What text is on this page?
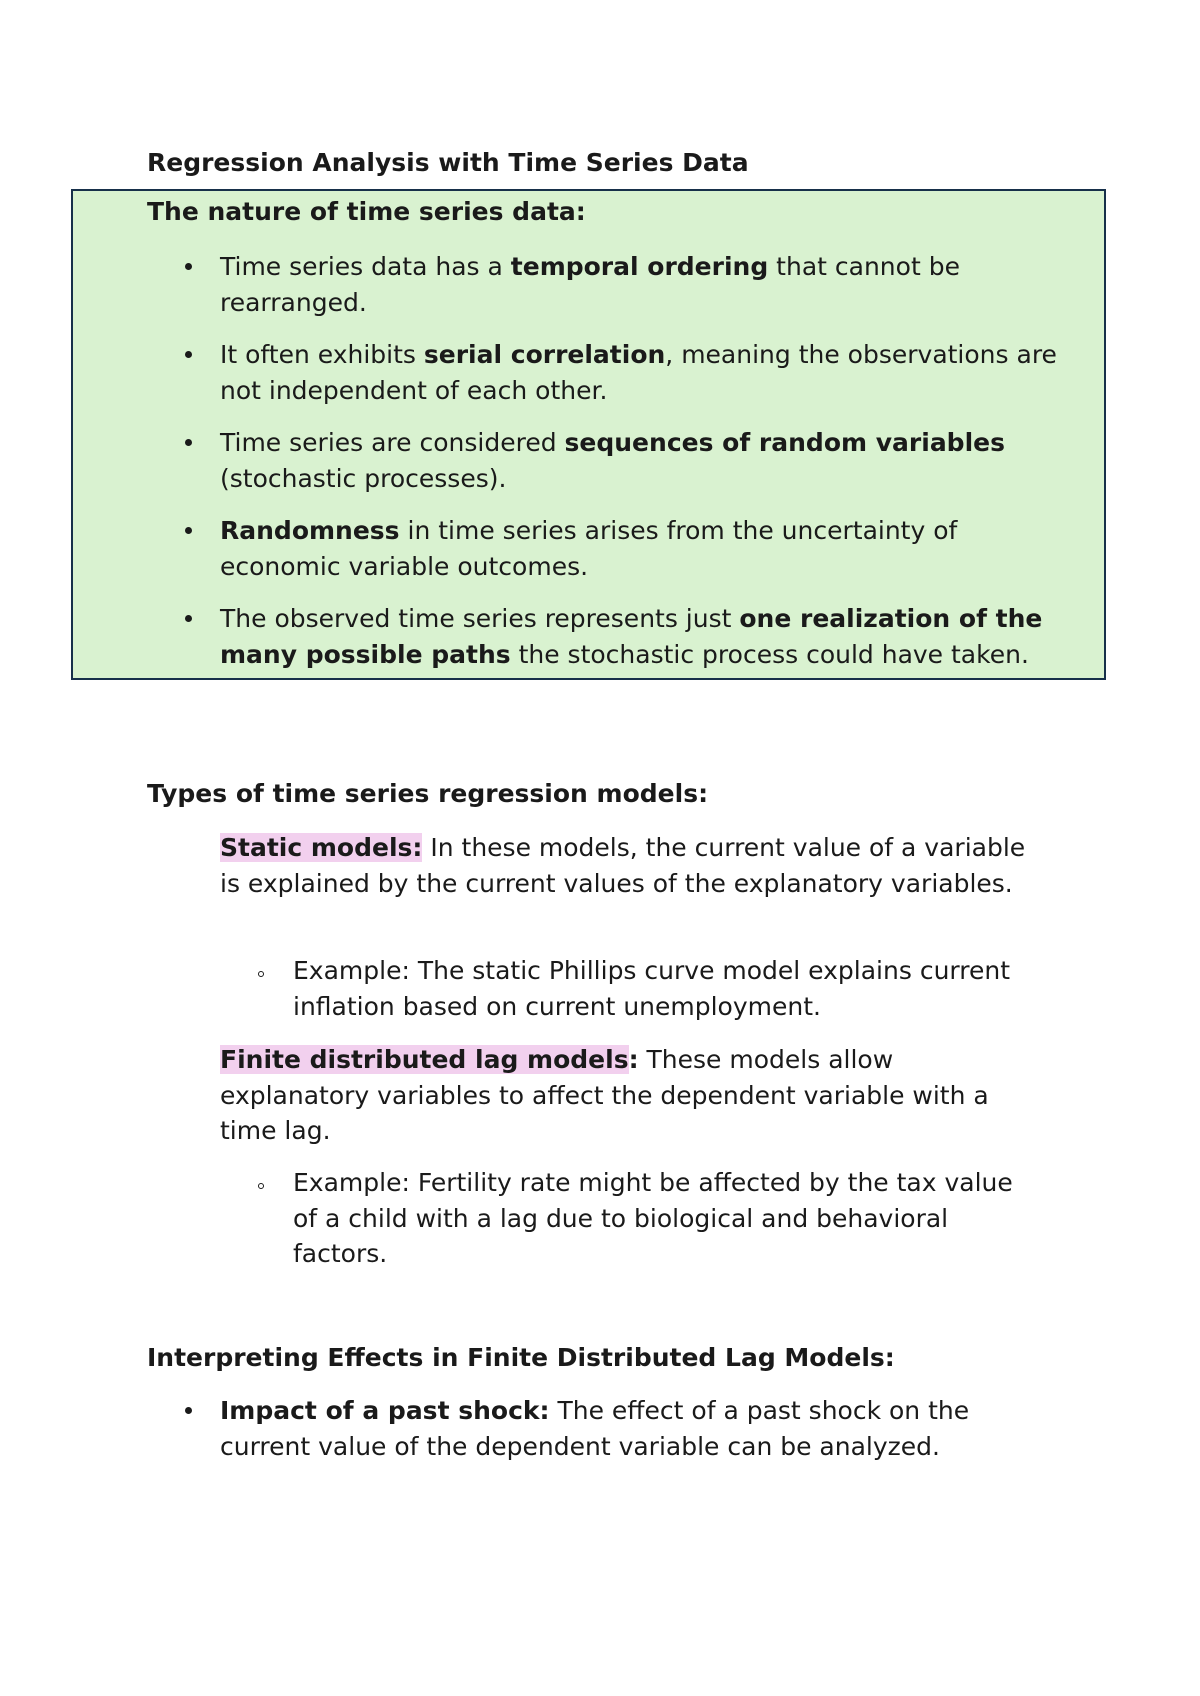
Regression Analysis with Time Series Data
The nature of time series data:
Time series data has a temporal ordering that cannot be rearranged.
It often exhibits serial correlation, meaning the observations are not independent of each other.
Time series are considered sequences of random variables (stochastic processes).
Randomness in time series arises from the uncertainty of economic variable outcomes.
The observed time series represents just one realization of the many possible paths the stochastic process could have taken.
Types of time series regression models:
Static models: In these models, the current value of a variable is explained by the current values of the explanatory variables.
Example: The static Phillips curve model explains current inflation based on current unemployment.
Finite distributed lag models: These models allow explanatory variables to affect the dependent variable with a time lag.
Example: Fertility rate might be affected by the tax value of a child with a lag due to biological and behavioral factors.
Interpreting Effects in Finite Distributed Lag Models:
Impact of a past shock: The effect of a past shock on the current value of the dependent variable can be analyzed.
